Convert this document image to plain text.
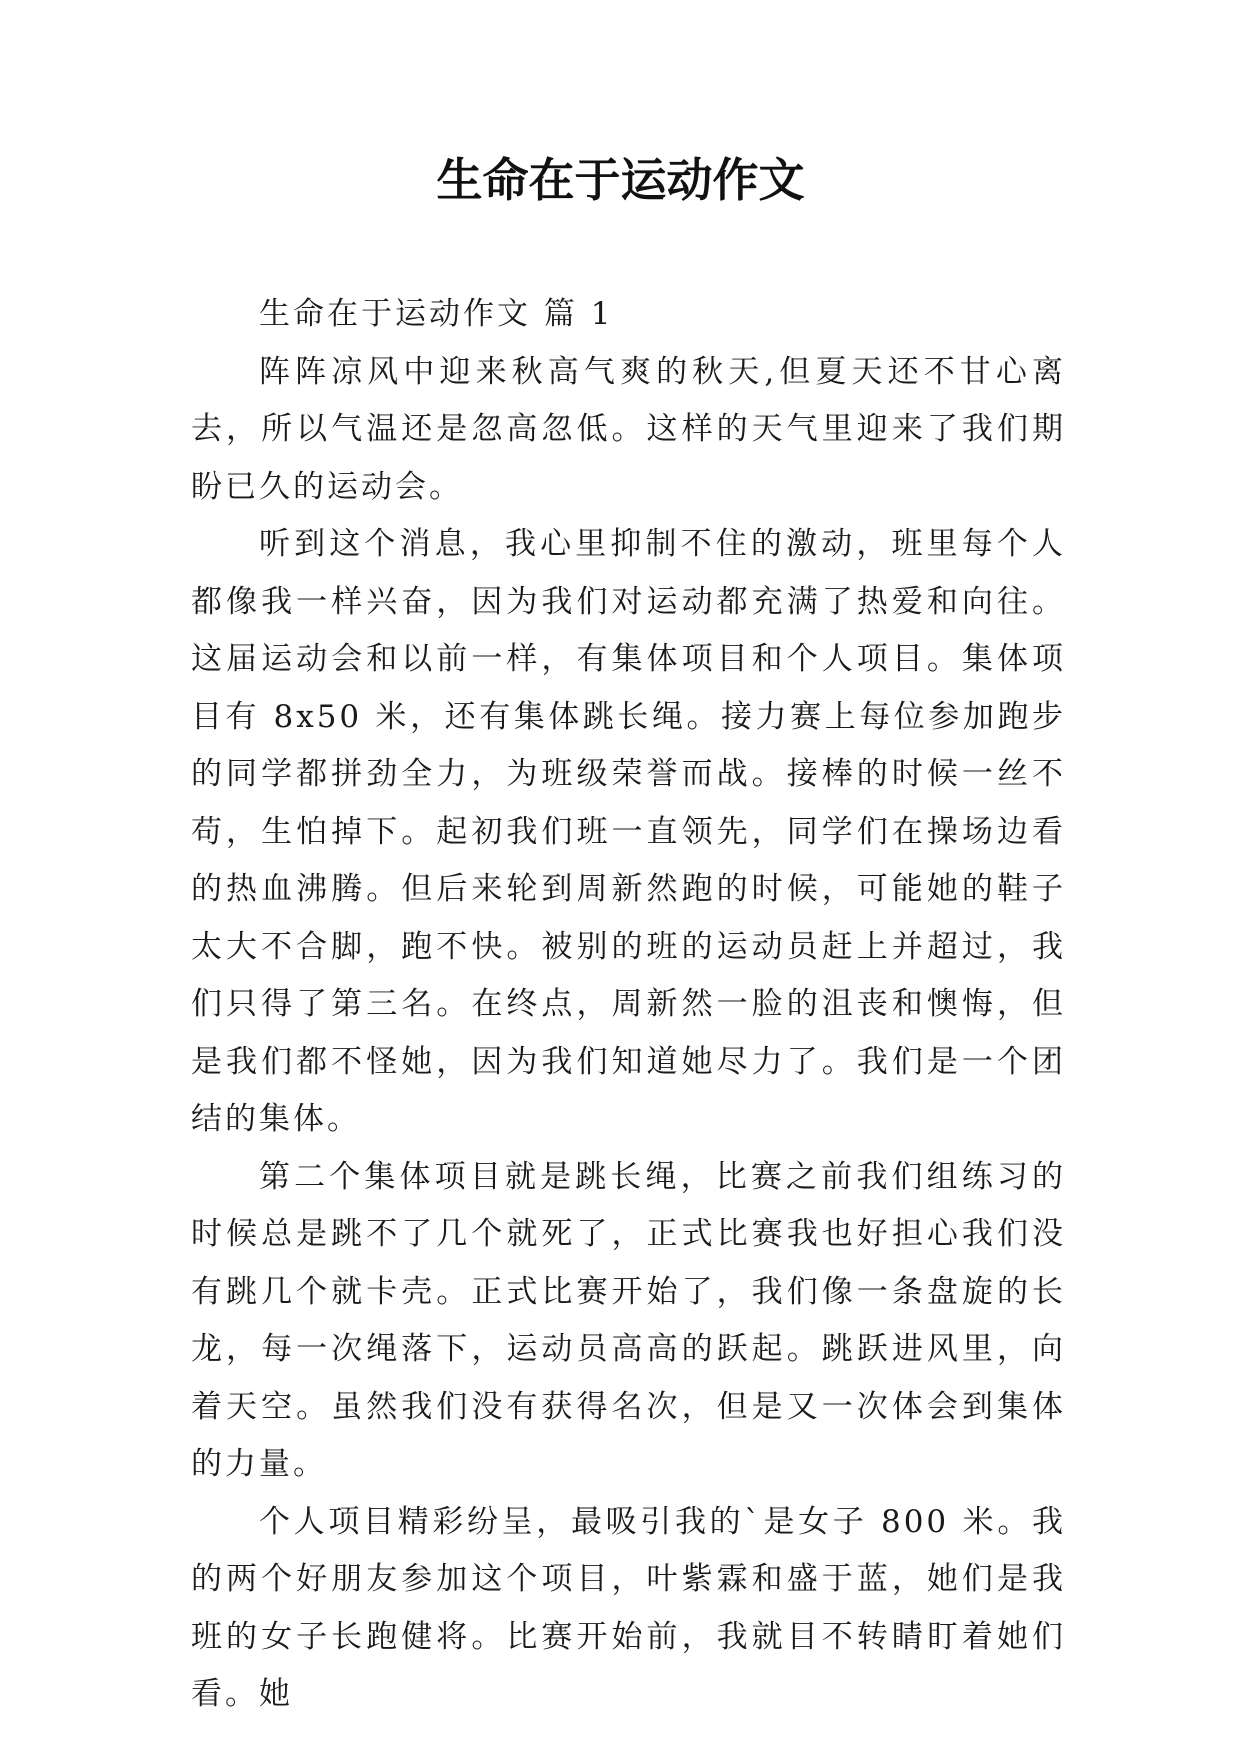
生命在于运动作文

生命在于运动作文 篇 1

阵阵凉风中迎来秋高气爽的秋天,但夏天还不甘心离去，所以气温还是忽高忽低。这样的天气里迎来了我们期盼已久的运动会。

听到这个消息，我心里抑制不住的激动，班里每个人都像我一样兴奋，因为我们对运动都充满了热爱和向往。这届运动会和以前一样，有集体项目和个人项目。集体项目有 8x50 米，还有集体跳长绳。接力赛上每位参加跑步的同学都拼劲全力，为班级荣誉而战。接棒的时候一丝不苟，生怕掉下。起初我们班一直领先，同学们在操场边看的热血沸腾。但后来轮到周新然跑的时候，可能她的鞋子太大不合脚，跑不快。被别的班的运动员赶上并超过，我们只得了第三名。在终点，周新然一脸的沮丧和懊悔，但是我们都不怪她，因为我们知道她尽力了。我们是一个团结的集体。

第二个集体项目就是跳长绳，比赛之前我们组练习的时候总是跳不了几个就死了，正式比赛我也好担心我们没有跳几个就卡壳。正式比赛开始了，我们像一条盘旋的长龙，每一次绳落下，运动员高高的跃起。跳跃进风里，向着天空。虽然我们没有获得名次，但是又一次体会到集体的力量。

个人项目精彩纷呈，最吸引我的`是女子 800 米。我的两个好朋友参加这个项目，叶紫霖和盛于蓝，她们是我班的女子长跑健将。比赛开始前，我就目不转睛盯着她们看。她
